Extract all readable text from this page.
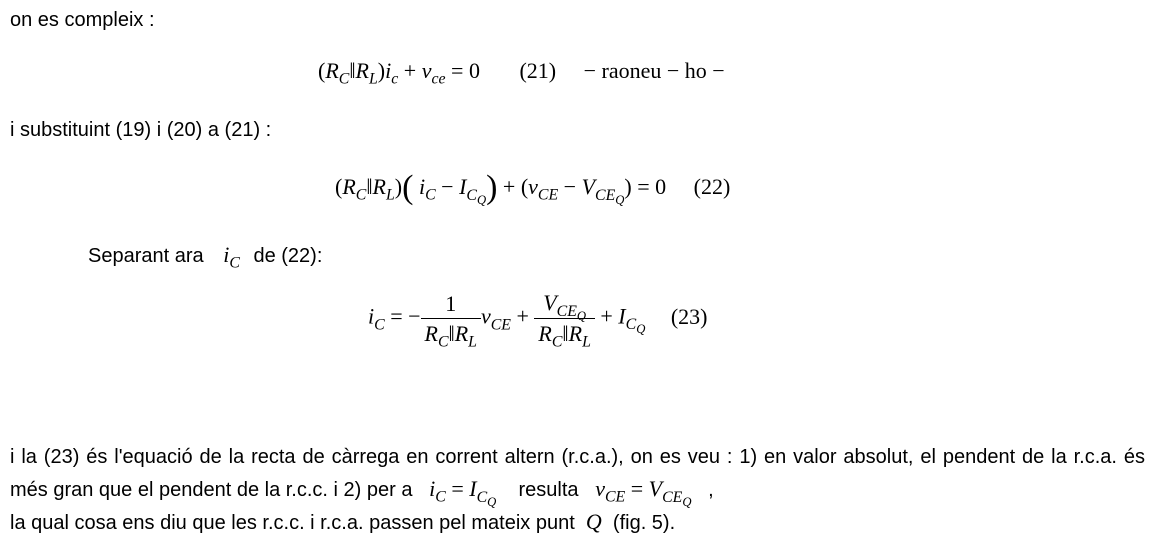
on es compleix :
$(R_C‖R_L)i_c + v_{ce} = 0$ (21) − raoneu − ho −
i substituint (19) i (20) a (21) :
$(R_C‖R_L)$( $i_C - I_{C_Q}) + (v_{CE} - V_{CE_Q}) = 0$ (22)
Separant ara $i_C$ de (22):
$i_C$ = − $\frac{1}{R_C‖R_L} v_{CE} + \frac{V_{CE_Q}}{R_C‖R_L} + I_{C_Q}$ (23)
i la (23) és l'equació de la recta de càrrega en corrent altern (r.c.a.), on es veu : 1) en valor absolut, el pendent de la r.c.a. és més gran que el pendent de la r.c.c. i 2) per a $i_C = I_{C_Q}$    resulta $v_{CE} = V_{CE_Q}$   ,
la qual cosa ens diu que les r.c.c. i r.c.a. passen pel mateix punt Q (fig. 5).
